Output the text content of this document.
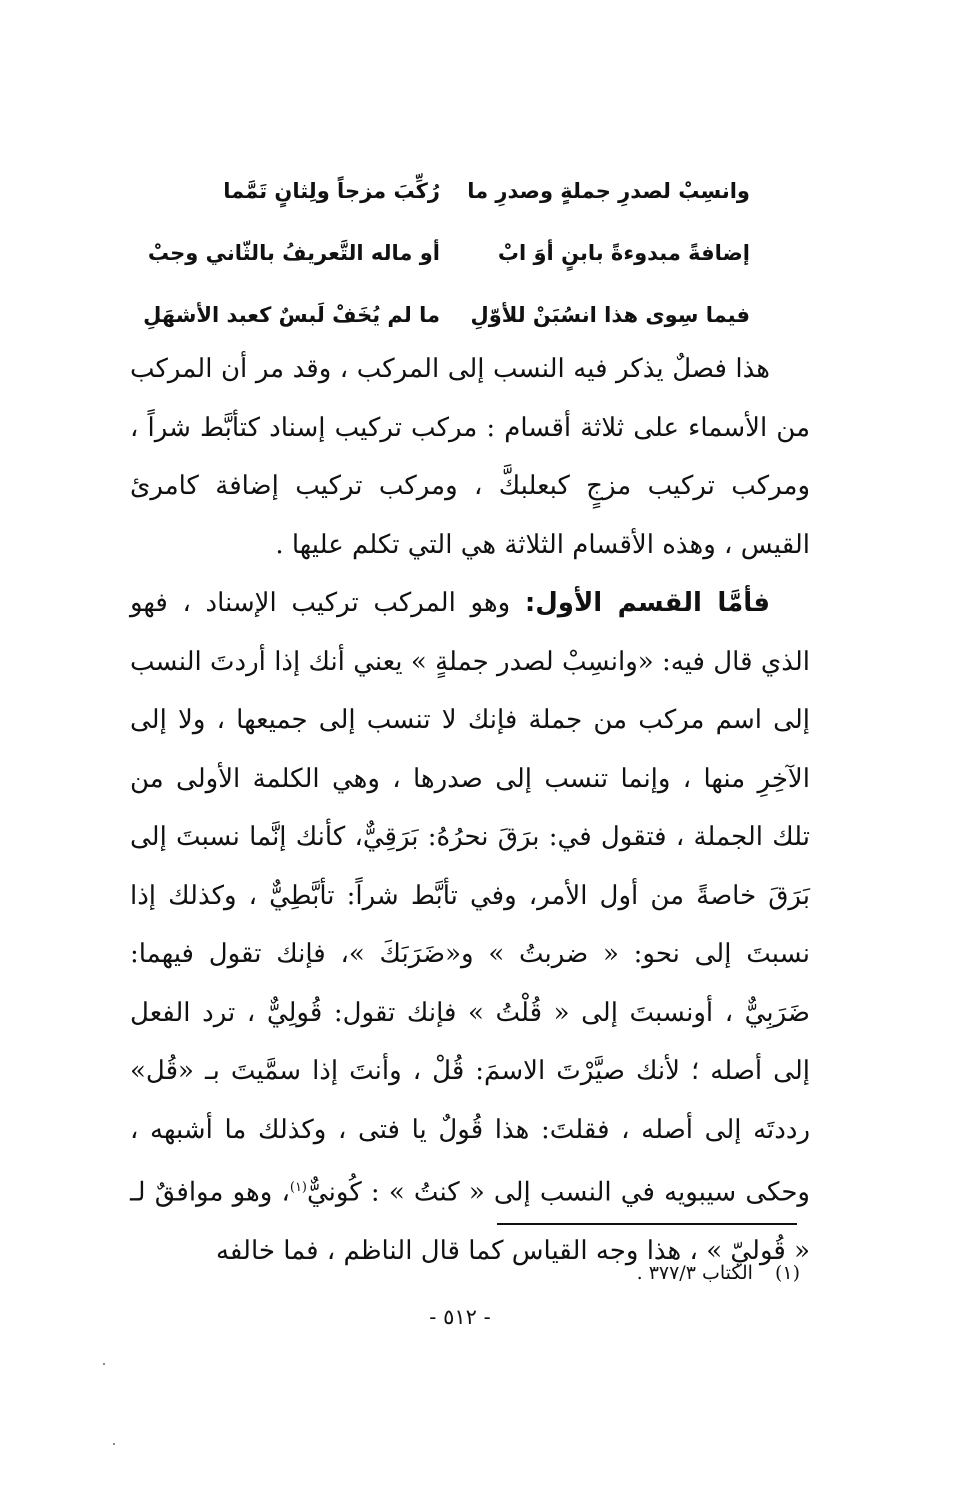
وانسِبْ لصدرِ جملةٍ وصدرِ ما
رُكِّبَ مزجاً ولِثانٍ تَمَّما
إضافةً مبدوءةً بابنٍ أوَ ابْ
أو ماله التَّعريفُ بالثّاني وجبْ
فيما سِوى هذا انسُبَنْ للأوّلِ
ما لم يُخَفْ لَبسٌ كعبد الأشهَلِ

هذا فصلٌ يذكر فيه النسب إلى المركب ، وقد مر أن المركب من الأسماء على ثلاثة أقسام : مركب تركيب إسناد كتأبَّط شراً ، ومركب تركيب مزجٍ كبعلبكَّ ، ومركب تركيب إضافة كامرئ القيس ، وهذه الأقسام الثلاثة هي التي تكلم عليها .

فأمَّا القسم الأول: وهو المركب تركيب الإسناد ، فهو الذي قال فيه: «وانسِبْ لصدر جملةٍ » يعني أنك إذا أردتَ النسب إلى اسم مركب من جملة فإنك لا تنسب إلى جميعها ، ولا إلى الآخِرِ منها ، وإنما تنسب إلى صدرها ، وهي الكلمة الأولى من تلك الجملة ، فتقول في: برَقَ نحرُهُ: بَرَقِيٌّ، كأنك إنَّما نسبتَ إلى بَرَقَ خاصةً من أول الأمر، وفي تأبَّط شراً: تأبَّطِيٌّ ، وكذلك إذا نسبتَ إلى نحو: « ضربتُ » و«ضَرَبَكَ »، فإنك تقول فيهما: ضَرَبِيٌّ ، أونسبتَ إلى « قُلْتُ » فإنك تقول: قُولِيٌّ ، ترد الفعل إلى أصله ؛ لأنك صيَّرْتَ الاسمَ: قُلْ ، وأنتَ إذا سمَّيتَ بـ «قُل» رددتَه إلى أصله ، فقلتَ: هذا قُولٌ يا فتى ، وكذلك ما أشبهه ، وحكى سيبويه في النسب إلى « كنتُ » : كُونيٌّ$^{(١)}$، وهو موافقٌ لـ « قُوليّ » ، هذا وجه القياس كما قال الناظم ، فما خالفه

(١)الكتاب ٣٧٧/٣ .
- ٥١٢ -
